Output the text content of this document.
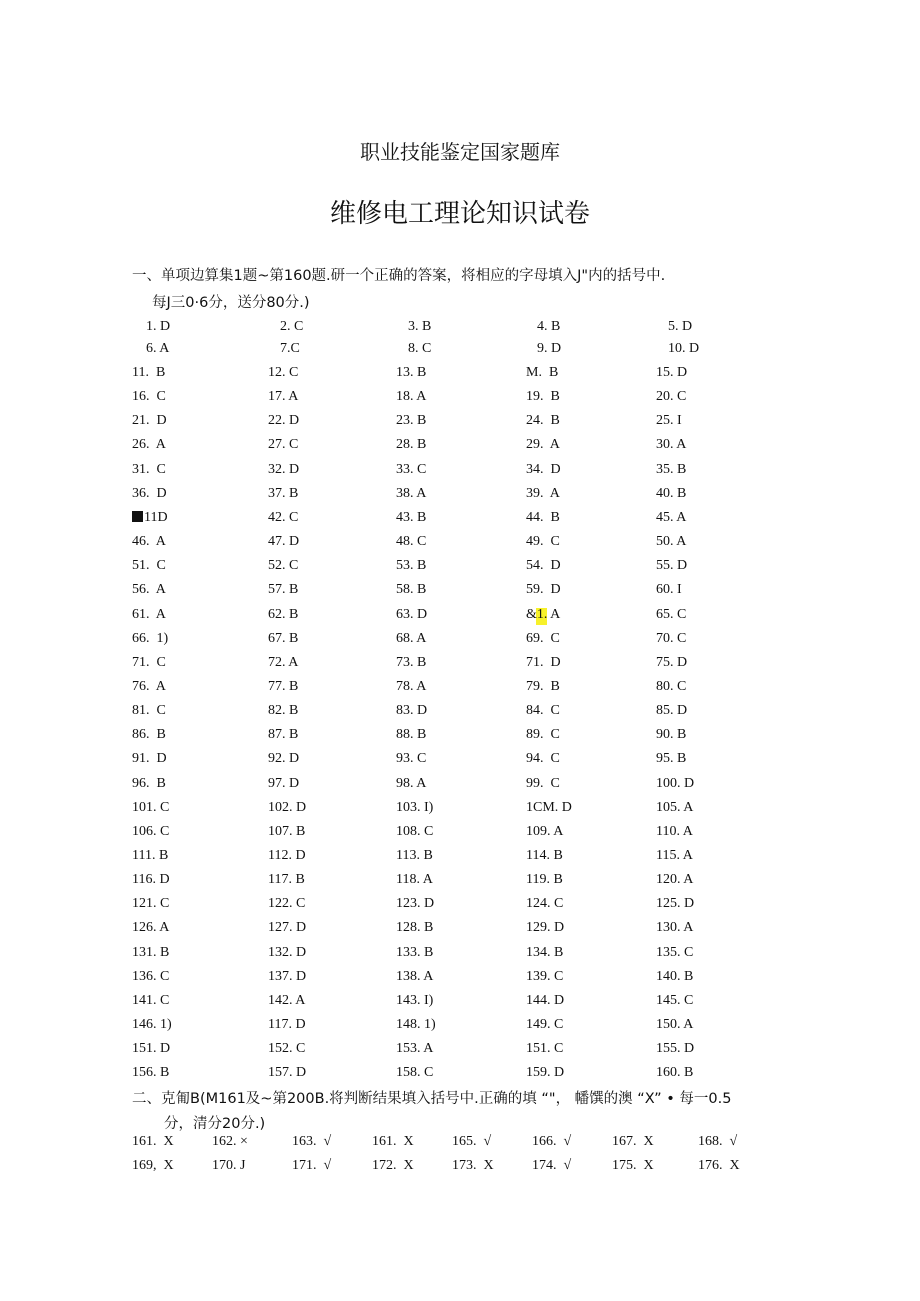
职业技能鉴定国家题库
维修电工理论知识试卷
一、单项边算集1题~第160题.研一个正确的答案，将相应的字母填入J"内的括号中.
每J三0·6分，送分80分.)
1. D	2. C	3. B	4. B	5. D
6. A	7.C	8. C	9. D	10. D
11.  B	12. C	13. B	M.  B	15. D
16.  C	17. A	18. A	19.  B	20. C
21.  D	22. D	23. B	24.  B	25. I
26.  A	27. C	28. B	29.  A	30. A
31.  C	32. D	33. C	34.  D	35. B
36.  D	37. B	38. A	39.  A	40. B
11D	42. C	43. B	44.  B	45. A
46.  A	47. D	48. C	49.  C	50. A
51.  C	52. C	53. B	54.  D	55. D
56.  A	57. B	58. B	59.  D	60. I
61.  A	62. B	63. D	&1. A	65. C
66.  1)	67. B	68. A	69.  C	70. C
71.  C	72. A	73. B	71.  D	75. D
76.  A	77. B	78. A	79.  B	80. C
81.  C	82. B	83. D	84.  C	85. D
86.  B	87. B	88. B	89.  C	90. B
91.  D	92. D	93. C	94.  C	95. B
96.  B	97. D	98. A	99.  C	100. D
101. C	102. D	103. I)	1CM. D	105. A
106. C	107. B	108. C	109. A	110. A
111. B	112. D	113. B	114. B	115. A
116. D	117. B	118. A	119. B	120. A
121. C	122. C	123. D	124. C	125. D
126. A	127. D	128. B	129. D	130. A
131. B	132. D	133. B	134. B	135. C
136. C	137. D	138. A	139. C	140. B
141. C	142. A	143. I)	144. D	145. C
146. 1)	117. D	148. 1)	149. C	150. A
151. D	152. C	153. A	151. C	155. D
156. B	157. D	158. C	159. D	160. B
二、克匍B(M161及~第200B.将判断结果填入括号中.正确的填 “"， 幡馔的澳 “X” • 每一0.5
分，清分20分.)
161.  X	162. ×	163.  √	161.  X	165.  √	166.  √	167.  X	168.  √
169,  X	170. J	171.  √	172.  X	173.  X	174.  √	175.  X	176.  X
